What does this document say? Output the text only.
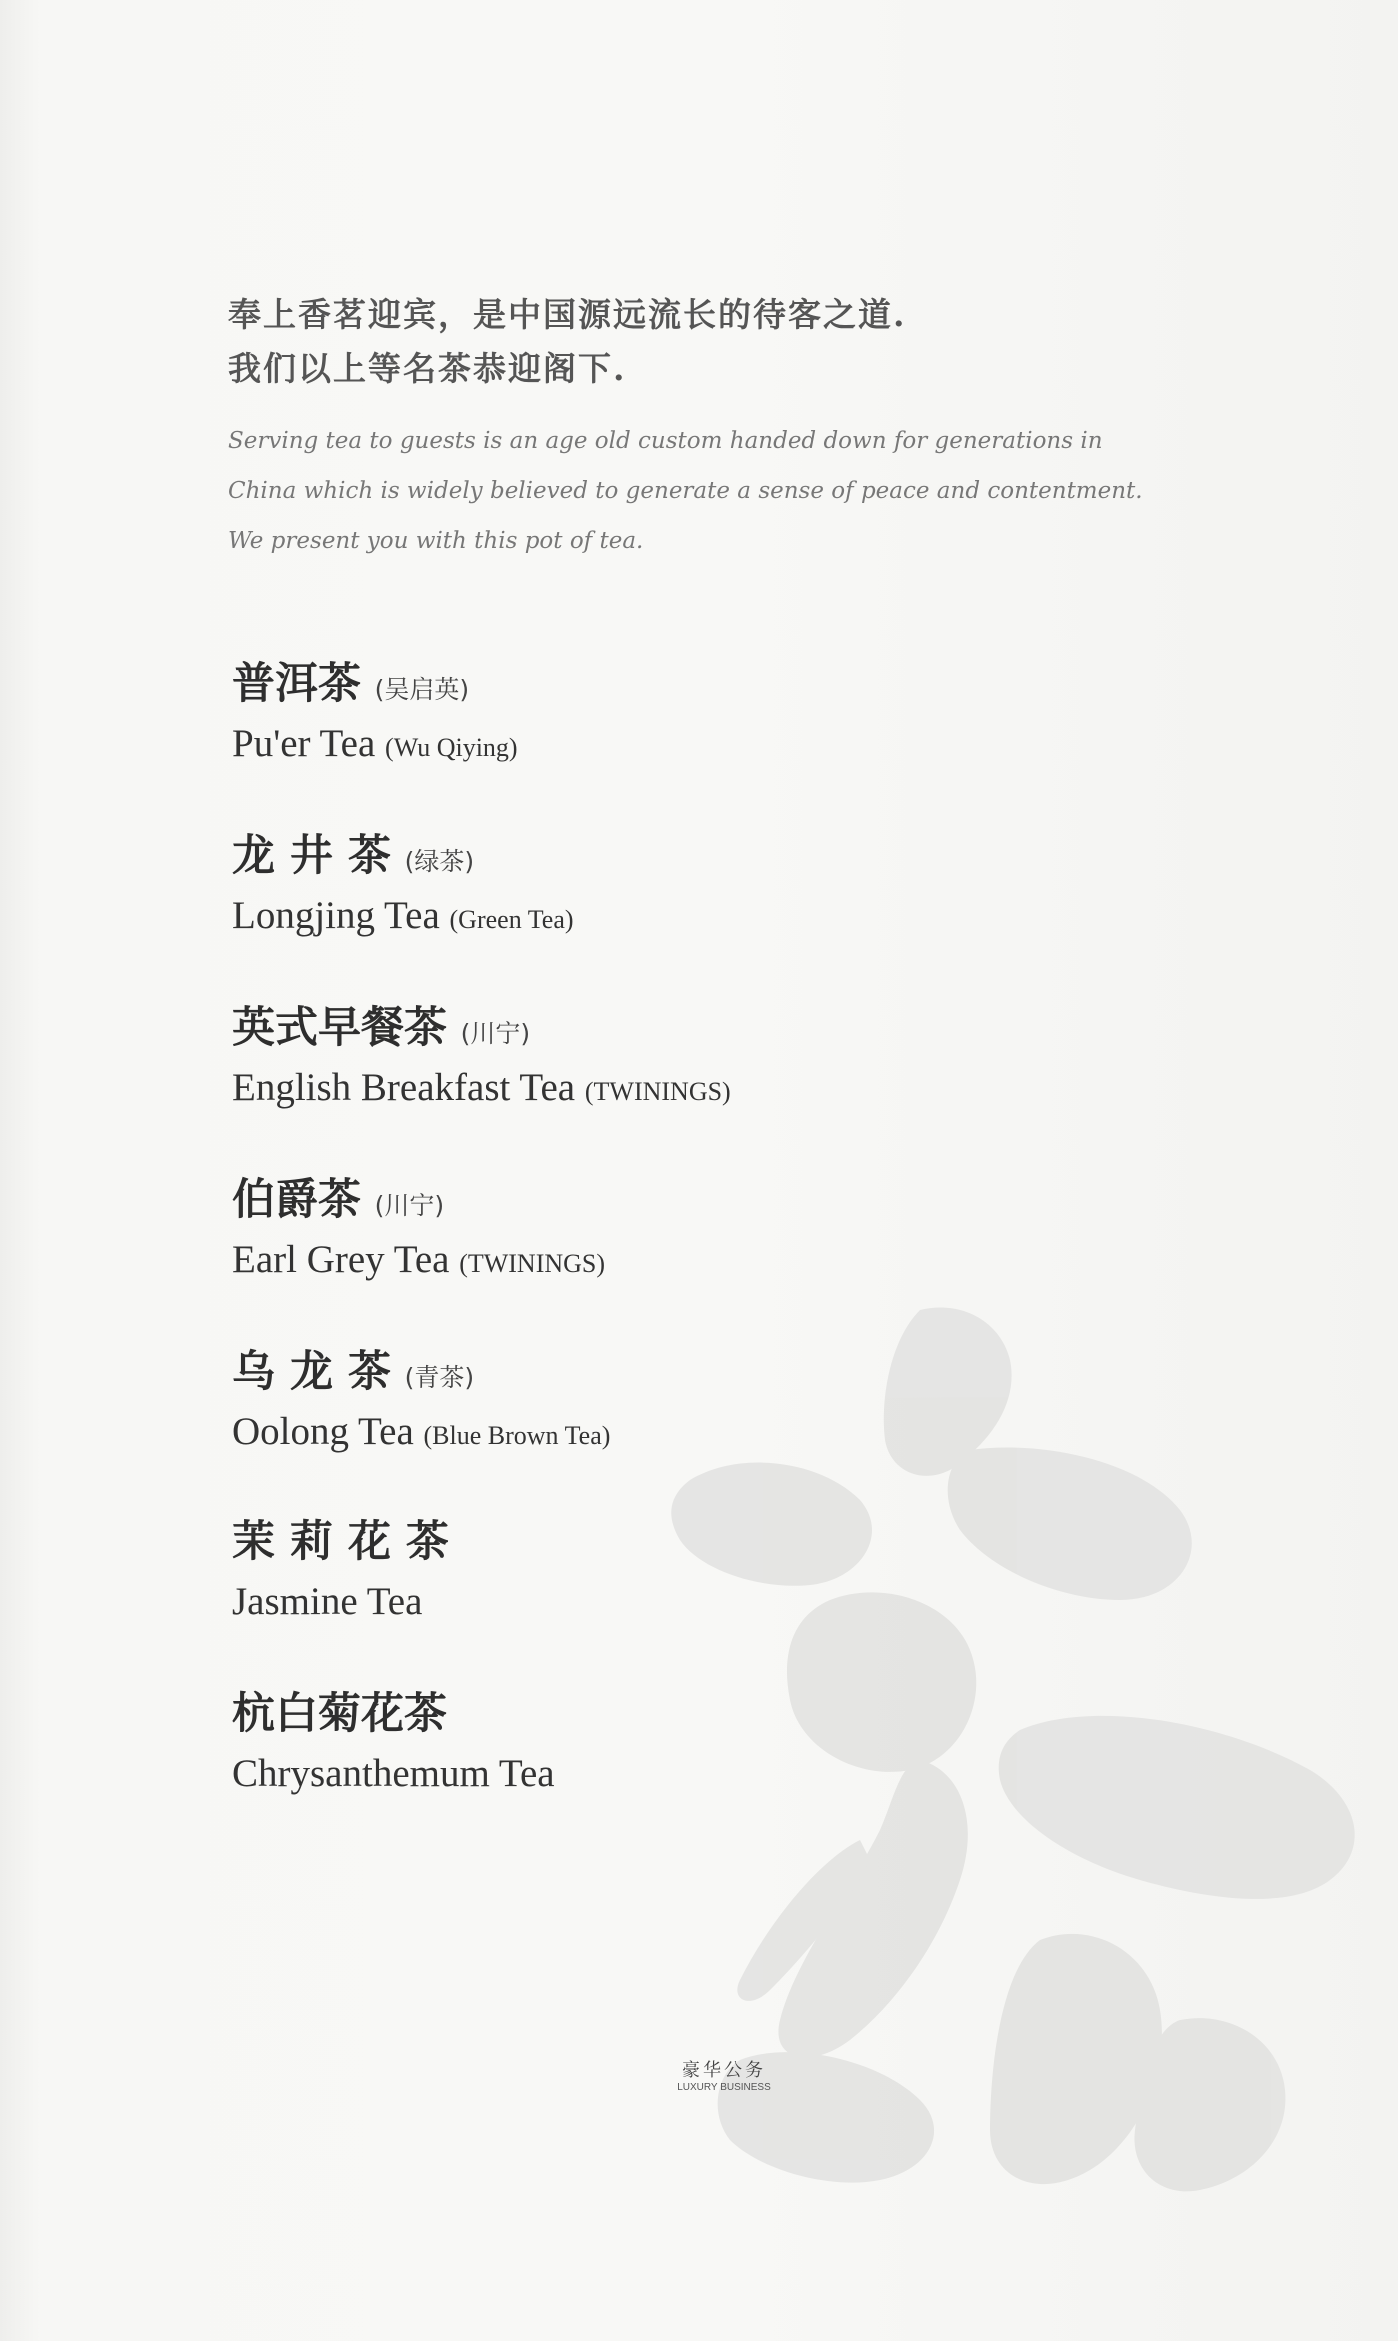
奉上香茗迎宾，是中国源远流长的待客之道.
我们以上等名茶恭迎阁下.
Serving tea to guests is an age old custom handed down for generations in
China which is widely believed to generate a sense of peace and contentment.
We present you with this pot of tea.
普洱茶 (吴启英)
Pu'er Tea (Wu Qiying)
龙 井 茶 (绿茶)
Longjing Tea (Green Tea)
英式早餐茶 (川宁)
English Breakfast Tea (TWININGS)
伯爵茶 (川宁)
Earl Grey Tea (TWININGS)
乌 龙 茶 (青茶)
Oolong Tea (Blue Brown Tea)
茉 莉 花 茶
Jasmine Tea
杭白菊花茶
Chrysanthemum Tea
豪华公务
LUXURY BUSINESS
